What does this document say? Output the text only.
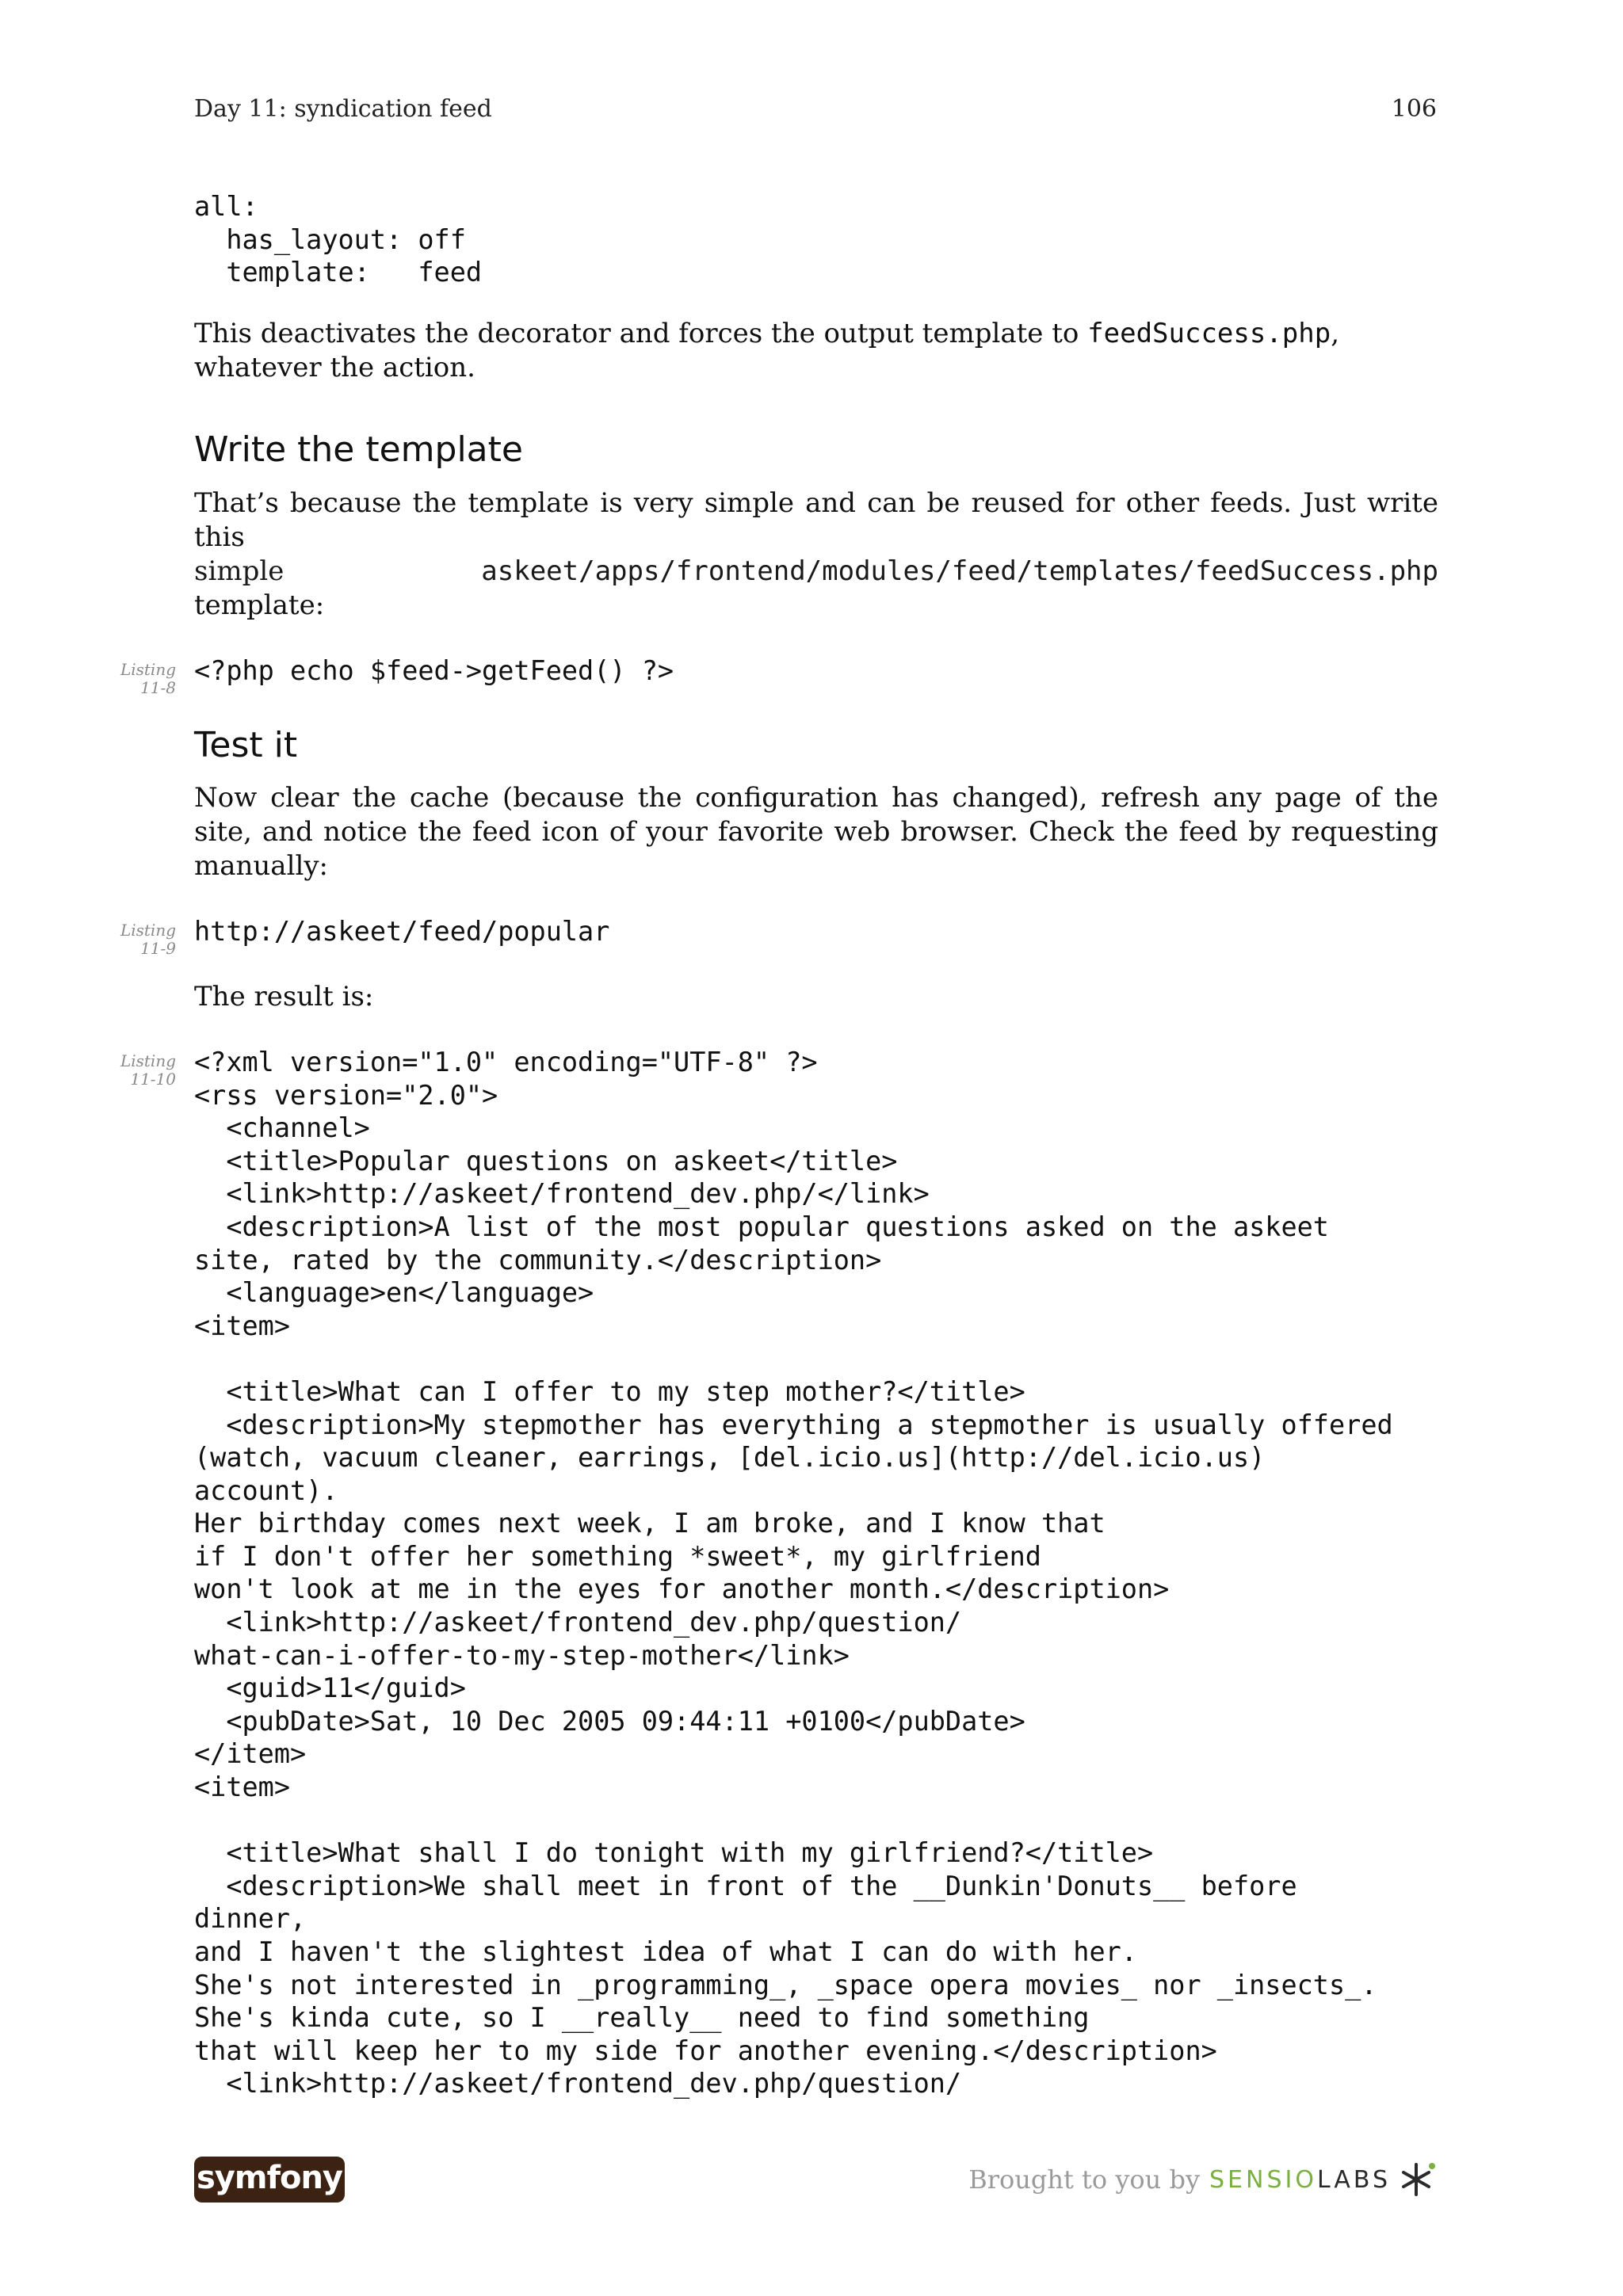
Day 11: syndication feed	106
all:
has_layout: off
template:   feed

This deactivates the decorator and forces the output template to feedSuccess.php,
whatever the action.

Write the template

That’s because the template is very simple and can be reused for other feeds. Just write this

simple	askeet/apps/frontend/modules/feed/templates/feedSuccess.php

template:

Listing
11-8
<?php echo $feed->getFeed() ?>
Test it

Now clear the cache (because the configuration has changed), refresh any page of the site, and notice the feed icon of your favorite web browser. Check the feed by requesting manually:

Listing
11-9
http://askeet/feed/popular

The result is:

Listing
11-10
<?xml version="1.0" encoding="UTF-8" ?>
<rss version="2.0">
<channel>
<title>Popular questions on askeet</title>
<link>http://askeet/frontend_dev.php/</link>
<description>A list of the most popular questions asked on the askeet
site, rated by the community.</description>
<language>en</language>
<item>

<title>What can I offer to my step mother?</title>
<description>My stepmother has everything a stepmother is usually offered
(watch, vacuum cleaner, earrings, [del.icio.us](http://del.icio.us)
account).
Her birthday comes next week, I am broke, and I know that
if I don't offer her something *sweet*, my girlfriend
won't look at me in the eyes for another month.</description>
<link>http://askeet/frontend_dev.php/question/
what-can-i-offer-to-my-step-mother</link>
<guid>11</guid>
<pubDate>Sat, 10 Dec 2005 09:44:11 +0100</pubDate>
</item>
<item>

<title>What shall I do tonight with my girlfriend?</title>
<description>We shall meet in front of the __Dunkin'Donuts__ before
dinner,
and I haven't the slightest idea of what I can do with her.
She's not interested in _programming_, _space opera movies_ nor _insects_.
She's kinda cute, so I __really__ need to find something
that will keep her to my side for another evening.</description>
<link>http://askeet/frontend_dev.php/question/
symfony	Brought to you by SENSIOLABS
